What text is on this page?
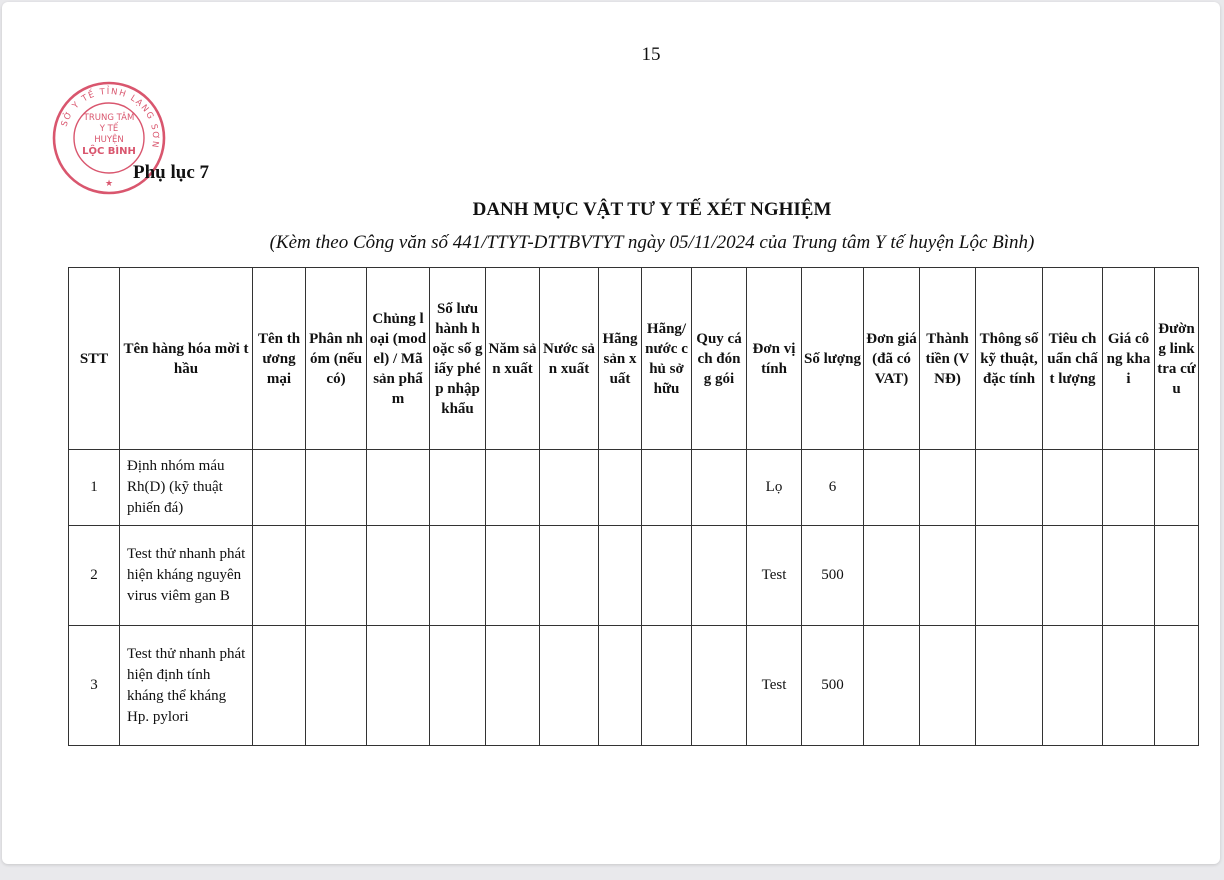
15
SỞ Y TẾ TỈNH LẠNG SƠN
TRUNG TÂM
Y TẾ
HUYỆN
LỘC BÌNH
★
Phụ lục 7
DANH MỤC VẬT TƯ Y TẾ XÉT NGHIỆM
(Kèm theo Công văn số 441/TTYT-DTTBVTYT ngày 05/11/2024 của Trung tâm Y tế huyện Lộc Bình)
STT	Tên hàng hóa mời thầu	Tên thương mại	Phân nhóm (nếu có)	Chủng loại (model) / Mã sản phẩm	Số lưu hành hoặc số giấy phép nhập khẩu	Năm sản xuất	Nước sản xuất	Hãng sản xuất	Hãng/nước chủ sở hữu	Quy cách đóng gói	Đơn vị tính	Số lượng	Đơn giá (đã có VAT)	Thành tiền (VNĐ)	Thông số kỹ thuật, đặc tính	Tiêu chuẩn chất lượng	Giá công khai	Đường link tra cứu
1	Định nhóm máu Rh(D) (kỹ thuật phiến đá)										Lọ	6						
2	Test thử nhanh phát hiện kháng nguyên virus viêm gan B										Test	500						
3	Test thử nhanh phát hiện định tính kháng thể kháng Hp. pylori										Test	500						
